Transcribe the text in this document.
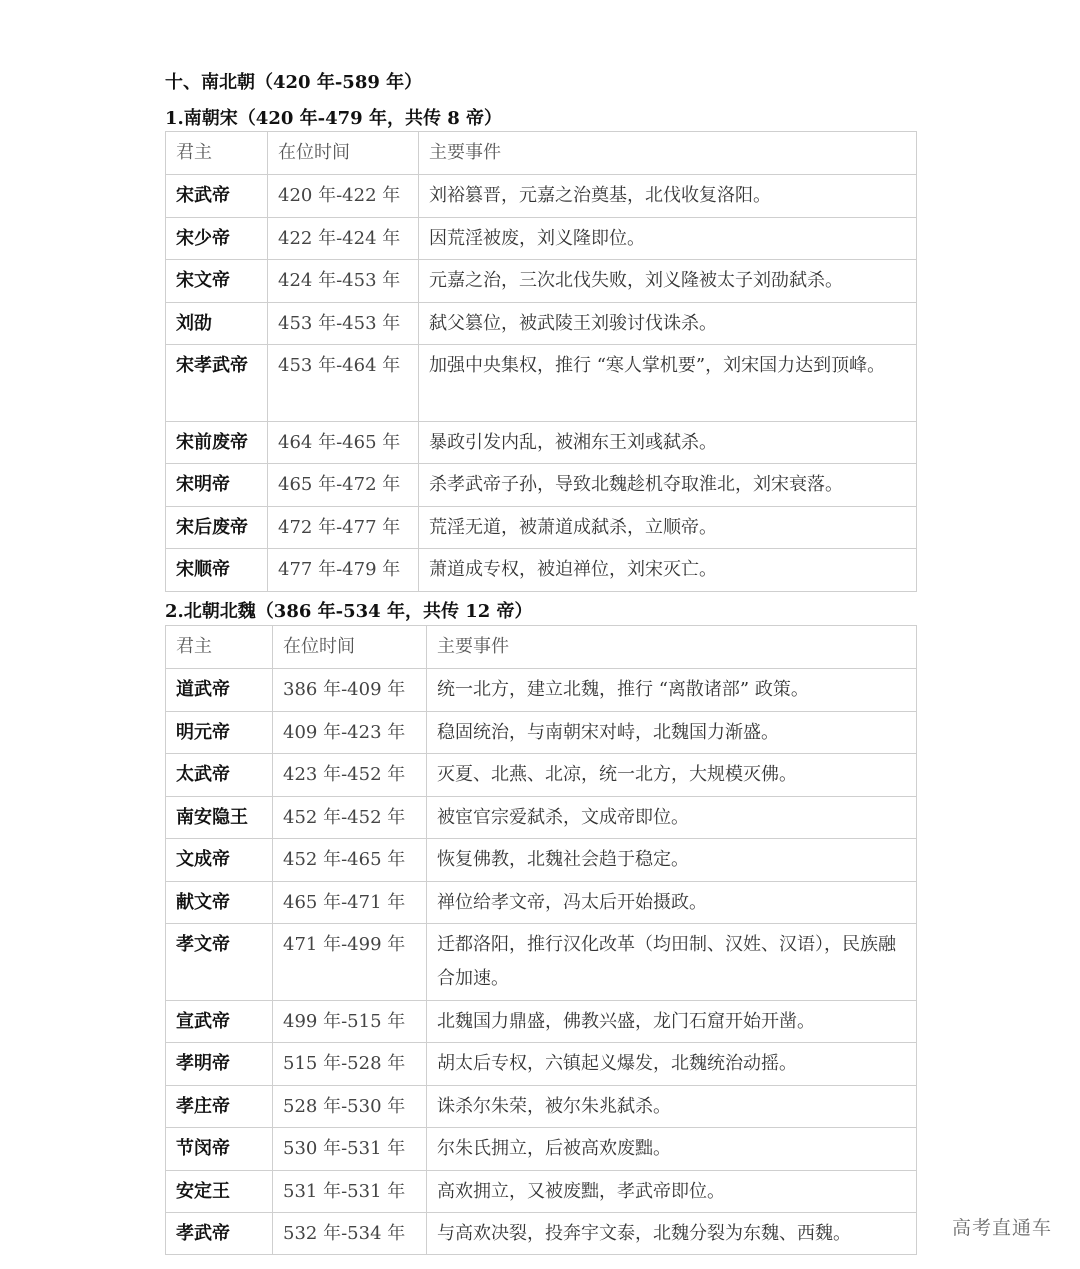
十、南北朝（420 年-589 年）
1.南朝宋（420 年-479 年，共传 8 帝）
君主	在位时间	主要事件
宋武帝	420 年-422 年	刘裕篡晋，元嘉之治奠基，北伐收复洛阳。
宋少帝	422 年-424 年	因荒淫被废，刘义隆即位。
宋文帝	424 年-453 年	元嘉之治，三次北伐失败，刘义隆被太子刘劭弑杀。
刘劭	453 年-453 年	弑父篡位，被武陵王刘骏讨伐诛杀。
宋孝武帝	453 年-464 年	加强中央集权，推行 “寒人掌机要”，刘宋国力达到顶峰。
宋前废帝	464 年-465 年	暴政引发内乱，被湘东王刘彧弑杀。
宋明帝	465 年-472 年	杀孝武帝子孙，导致北魏趁机夺取淮北，刘宋衰落。
宋后废帝	472 年-477 年	荒淫无道，被萧道成弑杀，立顺帝。
宋顺帝	477 年-479 年	萧道成专权，被迫禅位，刘宋灭亡。
2.北朝北魏（386 年-534 年，共传 12 帝）
君主	在位时间	主要事件
道武帝	386 年-409 年	统一北方，建立北魏，推行 “离散诸部” 政策。
明元帝	409 年-423 年	稳固统治，与南朝宋对峙，北魏国力渐盛。
太武帝	423 年-452 年	灭夏、北燕、北凉，统一北方，大规模灭佛。
南安隐王	452 年-452 年	被宦官宗爱弑杀，文成帝即位。
文成帝	452 年-465 年	恢复佛教，北魏社会趋于稳定。
献文帝	465 年-471 年	禅位给孝文帝，冯太后开始摄政。
孝文帝	471 年-499 年	迁都洛阳，推行汉化改革（均田制、汉姓、汉语），民族融合加速。
宣武帝	499 年-515 年	北魏国力鼎盛，佛教兴盛，龙门石窟开始开凿。
孝明帝	515 年-528 年	胡太后专权，六镇起义爆发，北魏统治动摇。
孝庄帝	528 年-530 年	诛杀尔朱荣，被尔朱兆弑杀。
节闵帝	530 年-531 年	尔朱氏拥立，后被高欢废黜。
安定王	531 年-531 年	高欢拥立，又被废黜，孝武帝即位。
孝武帝	532 年-534 年	与高欢决裂，投奔宇文泰，北魏分裂为东魏、西魏。	高考直通车
